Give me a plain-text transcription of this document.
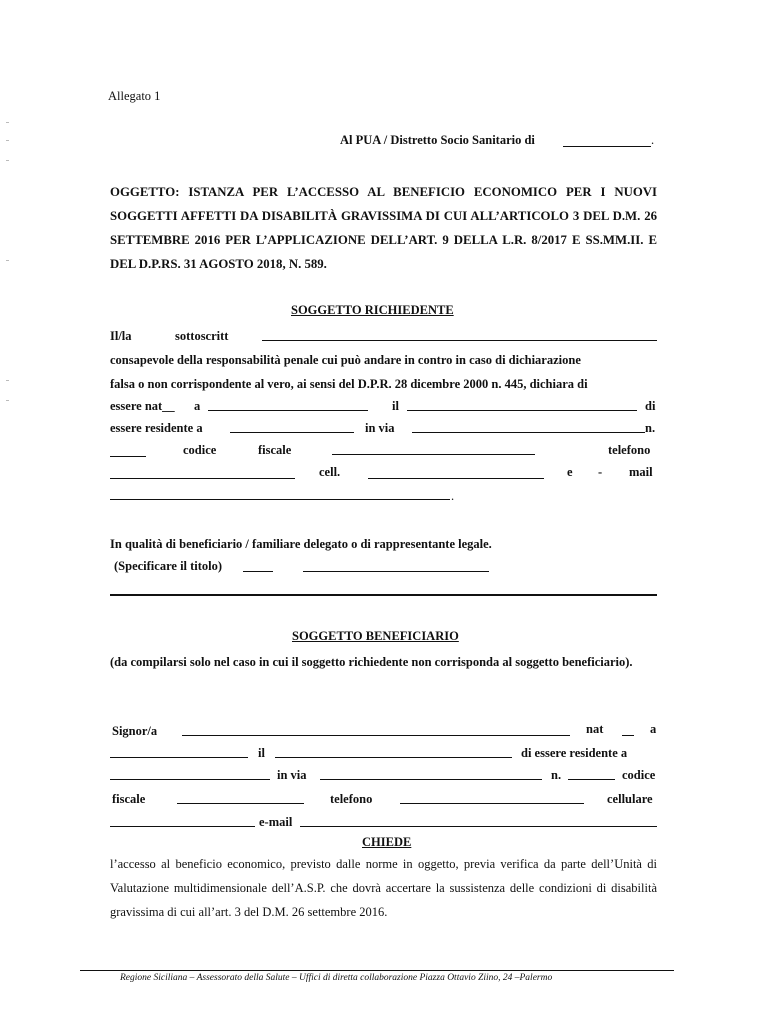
Allegato 1
Al PUA / Distretto Socio Sanitario di	.
OGGETTO: ISTANZA PER L’ACCESSO AL BENEFICIO ECONOMICO PER I NUOVI SOGGETTI AFFETTI DA DISABILITÀ GRAVISSIMA DI CUI ALL’ARTICOLO 3 DEL D.M. 26 SETTEMBRE 2016 PER L’APPLICAZIONE DELL’ART. 9 DELLA L.R. 8/2017 E SS.MM.II. E DEL D.P.RS. 31 AGOSTO 2018, N. 589.
SOGGETTO RICHIEDENTE
Il/la	sottoscritt
consapevole della responsabilità penale cui può andare in contro in caso di dichiarazione
falsa o non corrispondente al vero, ai sensi del D.P.R. 28 dicembre 2000 n. 445, dichiara di
essere nat__ a	il	di
essere residente a	in via	n.
codice	fiscale	telefono
cell.	e - mail
.
In qualità di beneficiario / familiare delegato o di rappresentante legale.
(Specificare il titolo)
SOGGETTO BENEFICIARIO
(da compilarsi solo nel caso in cui il soggetto richiedente non corrisponda al soggetto beneficiario).
Signor/a	nat	a
il	di essere residente a
in via	n.	codice
fiscale	telefono	cellulare
e-mail
CHIEDE
l’accesso al beneficio economico, previsto dalle norme in oggetto, previa verifica da parte dell’Unità di Valutazione multidimensionale dell’A.S.P. che dovrà accertare la sussistenza delle condizioni di disabilità gravissima di cui all’art. 3 del D.M. 26 settembre 2016.
Regione Siciliana – Assessorato della Salute – Uffici di diretta collaborazione Piazza Ottavio Ziino, 24 –Palermo
